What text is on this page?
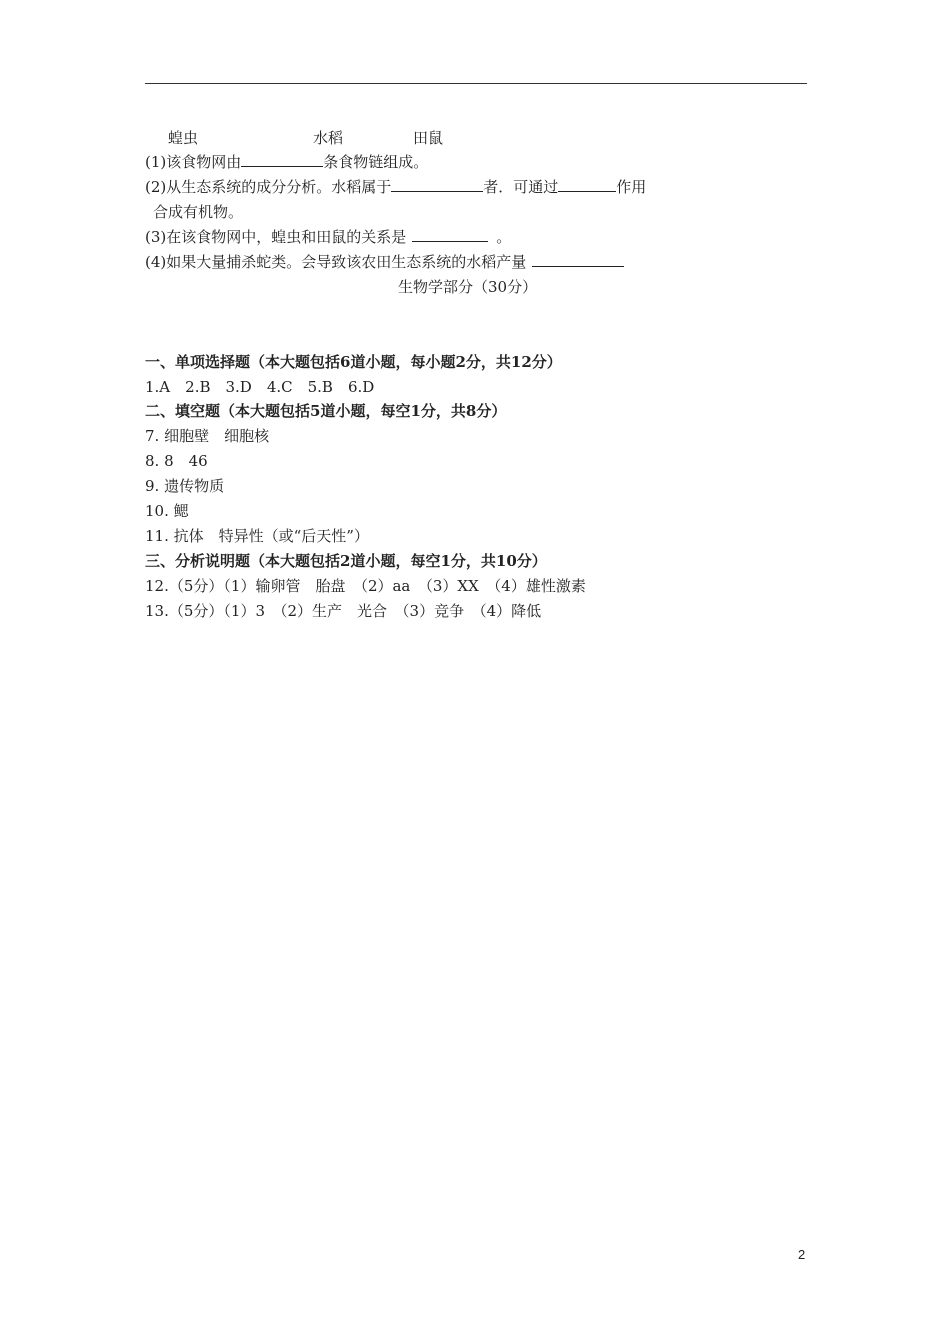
蝗虫	水稻	田鼠
(1)该食物网由	条食物链组成。
(2)从生态系统的成分分析。水稻属于	者．可通过	作用
合成有机物。
(3)在该食物网中，蝗虫和田鼠的关系是	。
(4)如果大量捕杀蛇类。会导致该农田生态系统的水稻产量
生物学部分（30分）
一、单项选择题（本大题包括6道小题，每小题2分，共12分）
1.A　2.B　3.D　4.C　5.B　6.D
二、填空题（本大题包括5道小题，每空1分，共8分）
7. 细胞壁　细胞核
8. 8　46
9. 遗传物质
10. 鳃
11. 抗体　特异性（或“后天性”）
三、分析说明题（本大题包括2道小题，每空1分，共10分）
12.（5分）（1）输卵管　胎盘　（2）aa　（3）XX　（4）雄性激素
13.（5分）（1）3　（2）生产　光合　（3）竞争　（4）降低
2
